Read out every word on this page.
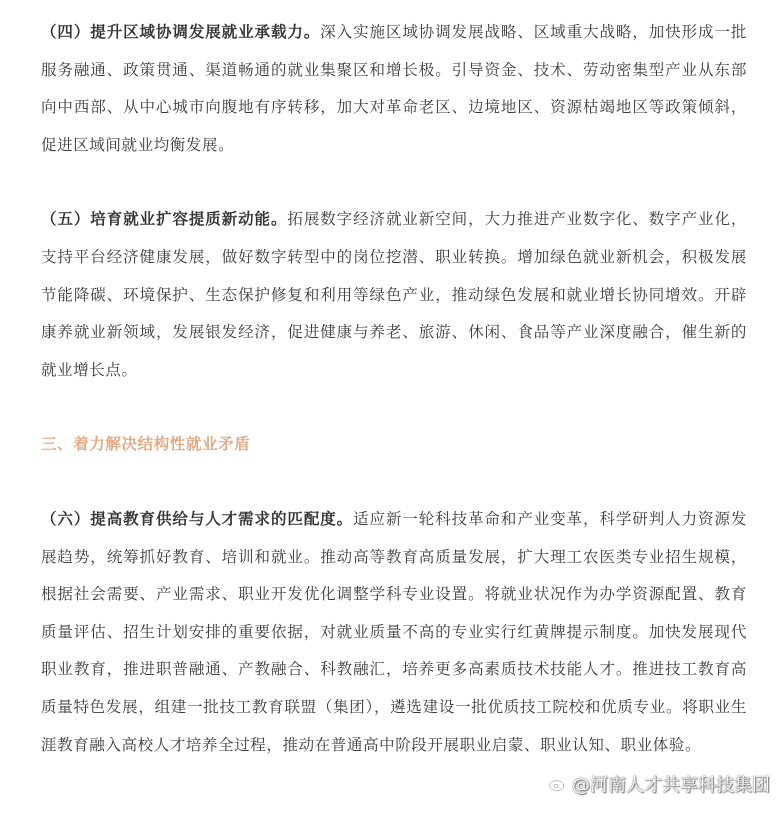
（四）提升区域协调发展就业承载力。深入实施区域协调发展战略、区域重大战略，加快形成一批服务融通、政策贯通、渠道畅通的就业集聚区和增长极。引导资金、技术、劳动密集型产业从东部向中西部、从中心城市向腹地有序转移，加大对革命老区、边境地区、资源枯竭地区等政策倾斜，促进区域间就业均衡发展。

（五）培育就业扩容提质新动能。拓展数字经济就业新空间，大力推进产业数字化、数字产业化，支持平台经济健康发展，做好数字转型中的岗位挖潜、职业转换。增加绿色就业新机会，积极发展节能降碳、环境保护、生态保护修复和利用等绿色产业，推动绿色发展和就业增长协同增效。开辟康养就业新领域，发展银发经济，促进健康与养老、旅游、休闲、食品等产业深度融合，催生新的就业增长点。

三、着力解决结构性就业矛盾

（六）提高教育供给与人才需求的匹配度。适应新一轮科技革命和产业变革，科学研判人力资源发展趋势，统筹抓好教育、培训和就业。推动高等教育高质量发展，扩大理工农医类专业招生规模，根据社会需要、产业需求、职业开发优化调整学科专业设置。将就业状况作为办学资源配置、教育质量评估、招生计划安排的重要依据，对就业质量不高的专业实行红黄牌提示制度。加快发展现代职业教育，推进职普融通、产教融合、科教融汇，培养更多高素质技术技能人才。推进技工教育高质量特色发展，组建一批技工教育联盟（集团），遴选建设一批优质技工院校和优质专业。将职业生涯教育融入高校人才培养全过程，推动在普通高中阶段开展职业启蒙、职业认知、职业体验。

@河南人才共享科技集团
